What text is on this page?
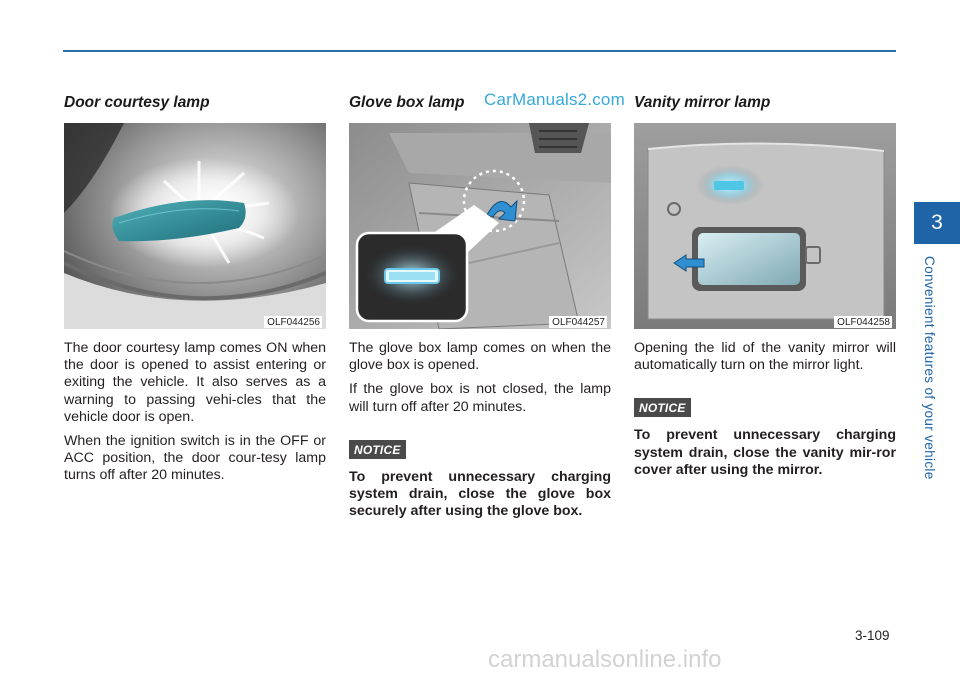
CarManuals2.com
Door courtesy lamp
OLF044256

The door courtesy lamp comes ON when the door is opened to assist entering or exiting the vehicle. It also serves as a warning to passing vehi-cles that the vehicle door is open.

When the ignition switch is in the OFF or ACC position, the door cour-tesy lamp turns off after 20 minutes.

Glove box lamp
OLF044257

The glove box lamp comes on when the glove box is opened.

If the glove box is not closed, the lamp will turn off after 20 minutes.

NOTICE

To prevent unnecessary charging system drain, close the glove box securely after using the glove box.

Vanity mirror lamp
OLF044258

Opening the lid of the vanity mirror will automatically turn on the mirror light.

NOTICE

To prevent unnecessary charging system drain, close the vanity mir-ror cover after using the mirror.

3
Convenient features of your vehicle
3-109
carmanualsonline.info
